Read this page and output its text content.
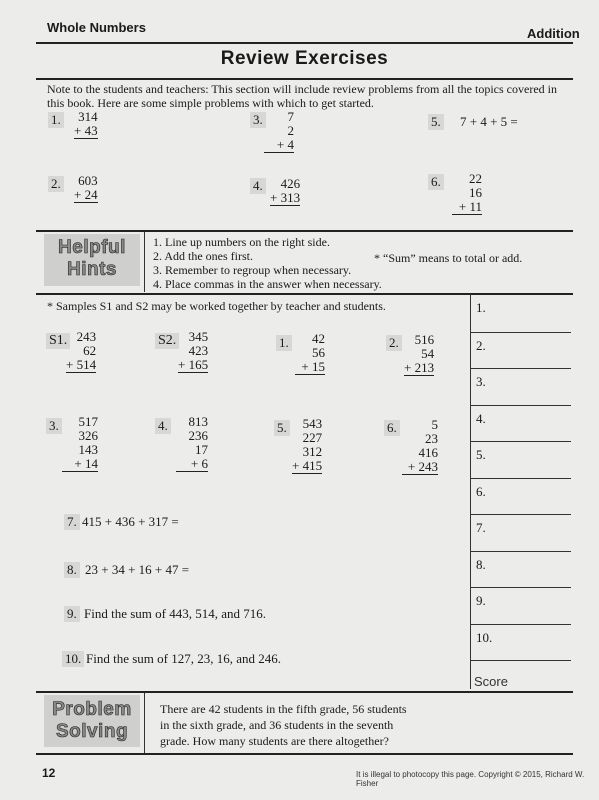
Whole Numbers	Addition
Review Exercises
Note to the students and teachers: This section will include review problems from all the topics covered in this book. Here are some simple problems with which to get started.
1.	314
+ 43
3.	7
2
+ 4
5. 7 + 4 + 5 =
2.	603
+ 24
4.	426
+ 313
6.	22
16
+ 11
Helpful
Hints
1. Line up numbers on the right side.
2. Add the ones first.
3. Remember to regroup when necessary.
4. Place commas in the answer when necessary.
* “Sum” means to total or add.
* Samples S1 and S2 may be worked together by teacher and students.	1.
2.
3.
4.
5.
6.
7.
8.
9.
10.
Score
S1. 243
62
+ 514
S2. 345
423
+ 165
1.	42
56
+ 15
2.	516
54
+ 213
3.	517
326
143
+ 14
4.	813
236
17
+ 6
5.	543
227
312
+ 415
6.	5
23
416
+ 243
7. 415 + 436 + 317 =
8. 23 + 34 + 16 + 47 =
9. Find the sum of 443, 514, and 716.
10. Find the sum of 127, 23, 16, and 246.
Problem
Solving
There are 42 students in the fifth grade, 56 students in the sixth grade, and 36 students in the seventh grade. How many students are there altogether?
12	It is illegal to photocopy this page. Copyright © 2015, Richard W. Fisher
